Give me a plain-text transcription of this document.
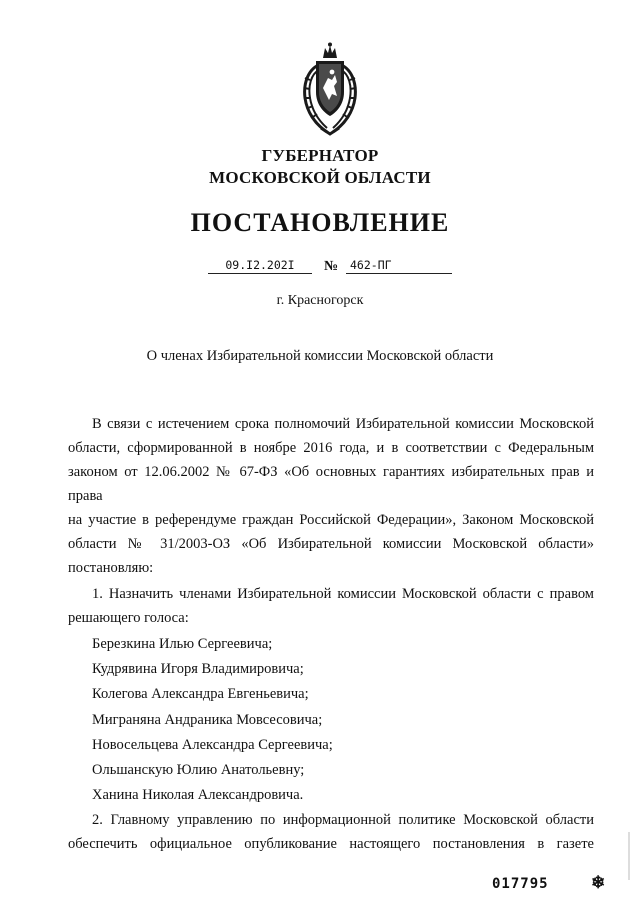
ГУБЕРНАТОР
МОСКОВСКОЙ ОБЛАСТИ
ПОСТАНОВЛЕНИЕ
09.I2.202I	№	462-ПГ
г. Красногорск
О членах Избирательной комиссии Московской области

В связи с истечением срока полномочий Избирательной комиссии Московской

области, сформированной в ноябре 2016 года, и в соответствии с Федеральным

законом от 12.06.2002 № 67-ФЗ «Об основных гарантиях избирательных прав и права

на участие в референдуме граждан Российской Федерации», Законом Московской

области № 31/2003-ОЗ «Об Избирательной комиссии Московской области»

постановляю:

1. Назначить членами Избирательной комиссии Московской области с правом

решающего голоса:

Березкина Илью Сергеевича;
Кудрявина Игоря Владимировича;
Колегова Александра Евгеньевича;
Миграняна Андраника Мовсесовича;
Новосельцева Александра Сергеевича;
Ольшанскую Юлию Анатольевну;
Ханина Николая Александровича.

2. Главному управлению по информационной политике Московской области

обеспечить официальное опубликование настоящего постановления в газете

017795 ❄
